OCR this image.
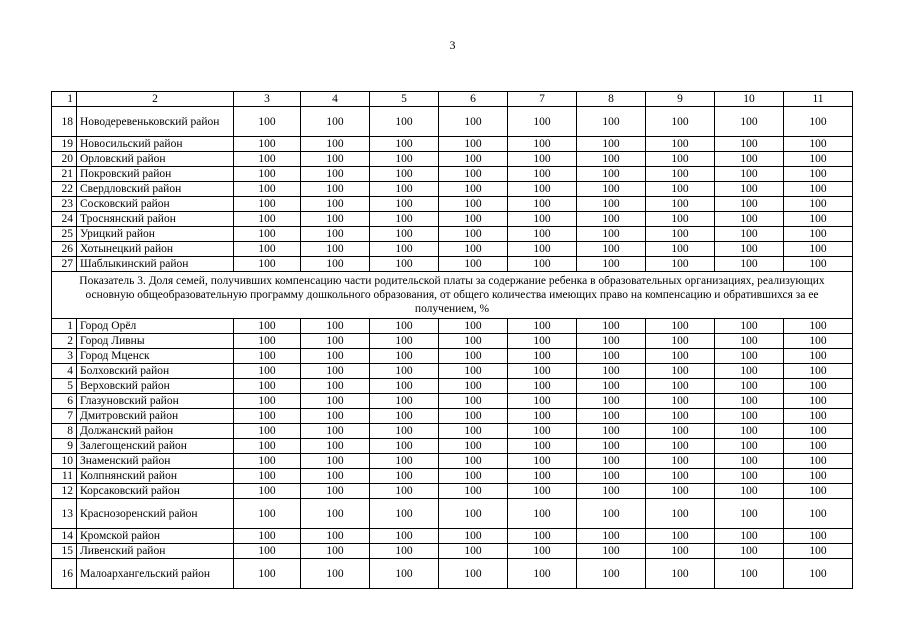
3
1	2	3	4	5	6	7	8	9	10	11
18	Новодеревеньковский район	100	100	100	100	100	100	100	100	100
19	Новосильский район	100	100	100	100	100	100	100	100	100
20	Орловский район	100	100	100	100	100	100	100	100	100
21	Покровский район	100	100	100	100	100	100	100	100	100
22	Свердловский район	100	100	100	100	100	100	100	100	100
23	Сосковский район	100	100	100	100	100	100	100	100	100
24	Троснянский район	100	100	100	100	100	100	100	100	100
25	Урицкий район	100	100	100	100	100	100	100	100	100
26	Хотынецкий район	100	100	100	100	100	100	100	100	100
27	Шаблыкинский район	100	100	100	100	100	100	100	100	100
Показатель 3. Доля семей, получивших компенсацию части родительской платы за содержание ребенка в образовательных организациях, реализующих основную общеобразовательную программу дошкольного образования, от общего количества имеющих право на компенсацию и обратившихся за ее получением, %										
1	Город Орёл	100	100	100	100	100	100	100	100	100
2	Город Ливны	100	100	100	100	100	100	100	100	100
3	Город Мценск	100	100	100	100	100	100	100	100	100
4	Болховский район	100	100	100	100	100	100	100	100	100
5	Верховский район	100	100	100	100	100	100	100	100	100
6	Глазуновский район	100	100	100	100	100	100	100	100	100
7	Дмитровский район	100	100	100	100	100	100	100	100	100
8	Должанский район	100	100	100	100	100	100	100	100	100
9	Залегощенский район	100	100	100	100	100	100	100	100	100
10	Знаменский район	100	100	100	100	100	100	100	100	100
11	Колпнянский район	100	100	100	100	100	100	100	100	100
12	Корсаковский район	100	100	100	100	100	100	100	100	100
13	Краснозоренский район	100	100	100	100	100	100	100	100	100
14	Кромской район	100	100	100	100	100	100	100	100	100
15	Ливенский район	100	100	100	100	100	100	100	100	100
16	Малоархангельский район	100	100	100	100	100	100	100	100	100
